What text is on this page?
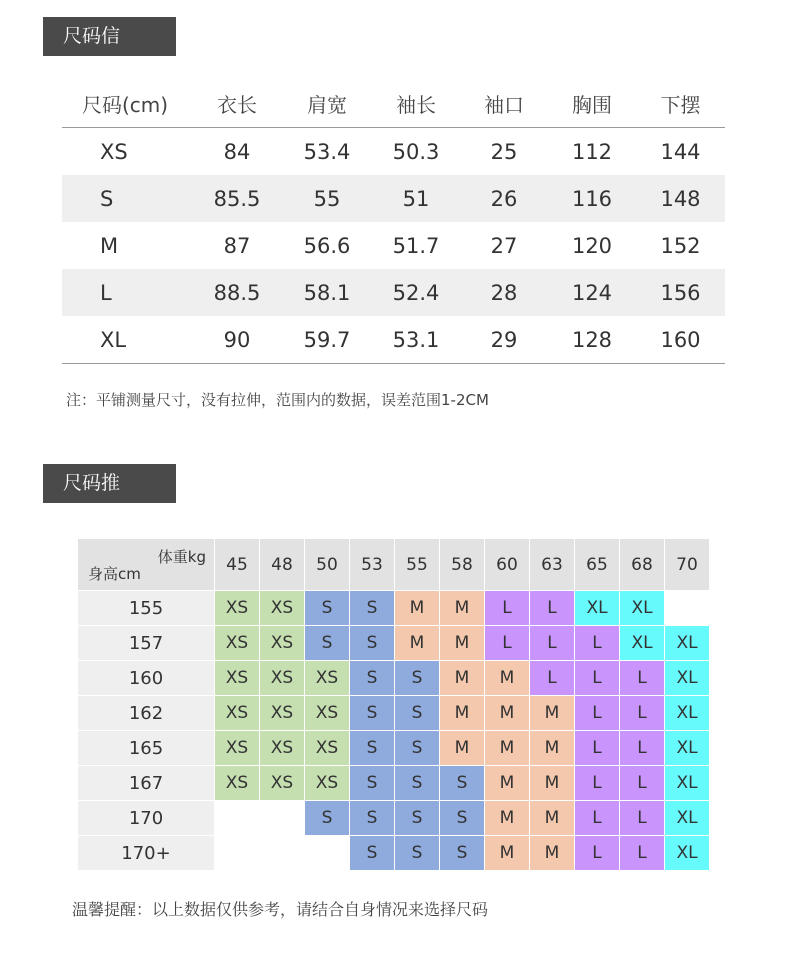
尺码信息：
尺码(cm)	衣长	肩宽	袖长	袖口	胸围	下摆
XS	84	53.4	50.3	25	112	144
S	85.5	55	51	26	116	148
M	87	56.6	51.7	27	120	152
L	88.5	58.1	52.4	28	124	156
XL	90	59.7	53.1	29	128	160
注：平铺测量尺寸，没有拉伸，范围内的数据，误差范围1-2CM
尺码推荐：
体重kg
身高cm	45	48	50	53	55	58	60	63	65	68	70
155	XS	XS	S	S	M	M	L	L	XL	XL	
157	XS	XS	S	S	M	M	L	L	L	XL	XL
160	XS	XS	XS	S	S	M	M	L	L	L	XL
162	XS	XS	XS	S	S	M	M	M	L	L	XL
165	XS	XS	XS	S	S	M	M	M	L	L	XL
167	XS	XS	XS	S	S	S	M	M	L	L	XL
170			S	S	S	S	M	M	L	L	XL
170+				S	S	S	M	M	L	L	XL
温馨提醒：以上数据仅供参考，请结合自身情况来选择尺码
